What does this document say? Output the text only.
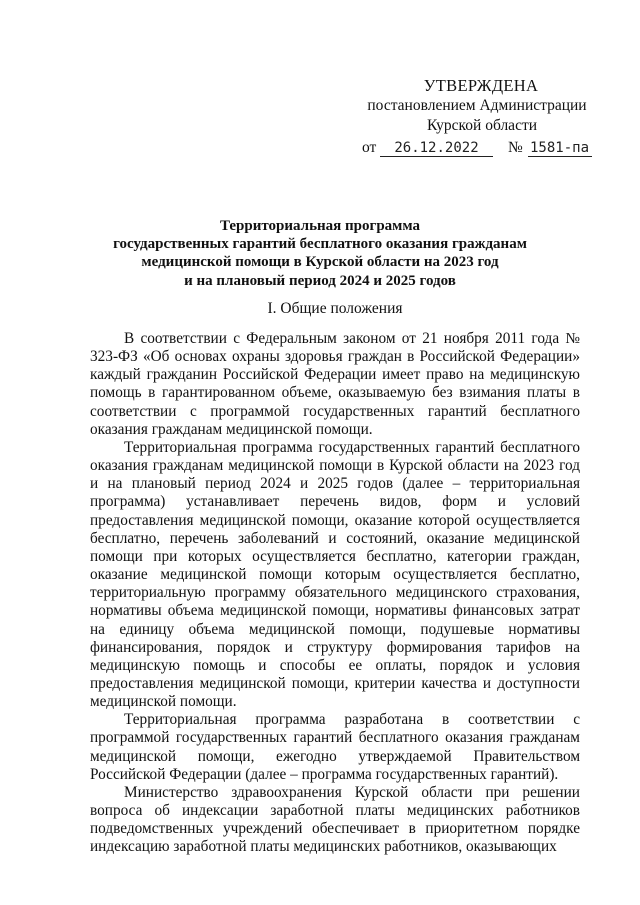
УТВЕРЖДЕНА
постановлением Администрации
Курской области
от	26.12.2022	№ 1581-па
Территориальная программа
государственных гарантий бесплатного оказания гражданам
медицинской помощи в Курской области на 2023 год
и на плановый период 2024 и 2025 годов
I. Общие положения

В соответствии с Федеральным законом от 21 ноября 2011 года № 323-ФЗ «Об основах охраны здоровья граждан в Российской Федерации» каждый гражданин Российской Федерации имеет право на медицинскую помощь в гарантированном объеме, оказываемую без взимания платы в соответствии с программой государственных гарантий бесплатного оказания гражданам медицинской помощи.

Территориальная программа государственных гарантий бесплатного оказания гражданам медицинской помощи в Курской области на 2023 год и на плановый период 2024 и 2025 годов (далее – территориальная программа) устанавливает перечень видов, форм и условий предоставления медицинской помощи, оказание которой осуществляется бесплатно, перечень заболеваний и состояний, оказание медицинской помощи при которых осуществляется бесплатно, категории граждан, оказание медицинской помощи которым осуществляется бесплатно, территориальную программу обязательного медицинского страхования, нормативы объема медицинской помощи, нормативы финансовых затрат на единицу объема медицинской помощи, подушевые нормативы финансирования, порядок и структуру формирования тарифов на медицинскую помощь и способы ее оплаты, порядок и условия предоставления медицинской помощи, критерии качества и доступности медицинской помощи.

Территориальная программа разработана в соответствии с программой государственных гарантий бесплатного оказания гражданам медицинской помощи, ежегодно утверждаемой Правительством Российской Федерации (далее – программа государственных гарантий).

Министерство здравоохранения Курской области при решении вопроса об индексации заработной платы медицинских работников подведомственных учреждений обеспечивает в приоритетном порядке индексацию заработной платы медицинских работников, оказывающих
